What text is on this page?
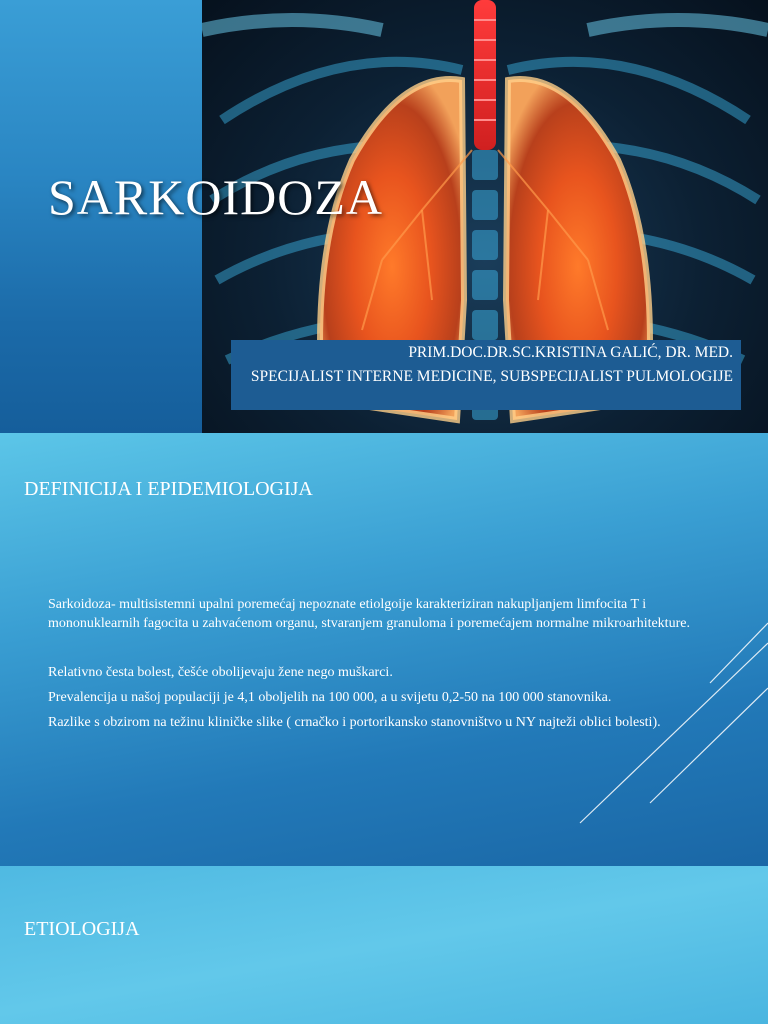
SARKOIDOZA
PRIM.DOC.DR.SC.KRISTINA GALIĆ, DR. MED.
SPECIJALIST INTERNE MEDICINE, SUBSPECIJALIST PULMOLOGIJE
DEFINICIJA I EPIDEMIOLOGIJA
Sarkoidoza- multisistemni upalni poremećaj nepoznate etiolgoije karakteriziran nakupljanjem limfocita T i mononuklearnih fagocita u zahvaćenom organu, stvaranjem granuloma i poremećajem normalne mikroarhitekture.
Relativno česta bolest, češće obolijevaju žene nego muškarci.
Prevalencija u našoj populaciji je 4,1 oboljelih na 100 000, a u svijetu 0,2-50 na 100 000 stanovnika.
Razlike s obzirom na težinu kliničke slike ( crnačko i portorikansko stanovništvo u NY najteži oblici bolesti).
ETIOLOGIJA
